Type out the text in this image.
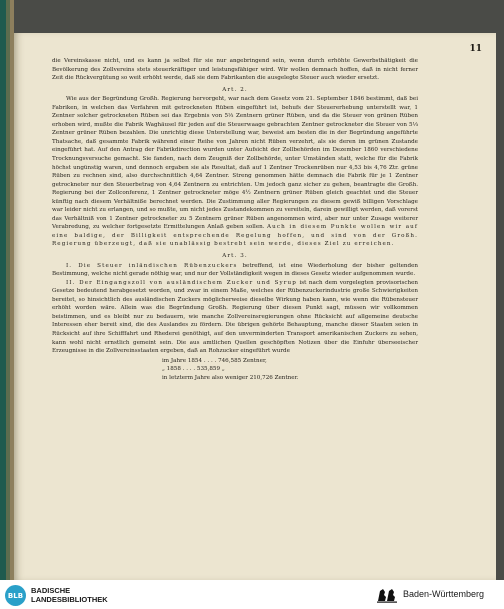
11

die Vereinskasse nicht, und es kann ja selbst für sie nur angebringend sein, wenn durch erhöhte Gewerbsthätigkeit die Bevölkerung des Zollvereins stets steuerkräftiger und leistungsfähiger wird. Wir wollen demnach hoffen, daß in nicht ferner Zeit die Rückvergütung so weit erhöht werde, daß sie dem Fabrikanten die ausgelegte Steuer auch wieder ersetzt.

Art. 2.

Wie aus der Begründung Großh. Regierung hervorgeht, war nach dem Gesetz vom 21. September 1846 bestimmt, daß bei Fabriken, in welchen das Verfahren mit getrockneten Rüben eingeführt ist, behufs der Steuererhebung unterstellt war, 1 Zentner solcher getrockneten Rüben sei das Ergebnis von 5⅓ Zentnern grüner Rüben, und da die Steuer von grünen Rüben erhoben wird, mußte die Fabrik Waghäusel für jeden auf die Steuerwaage gebrachten Zentner getrockneter die Steuer von 5⅓ Zentner grüner Rüben bezahlen. Die unrichtig diese Unterstellung war, beweist am besten die in der Begründung angeführte Thatsache, daß gesammte Fabrik während einer Reihe von Jahren nicht Rüben verzehrt, als sie deren im grünen Zustande eingeführt hat. Auf den Antrag der Fabrikdirection wurden unter Aufsicht der Zollbehörden im Dezember 1860 verschiedene Trocknungsversuche gemacht. Sie fanden, nach dem Zeugniß der Zollbehörde, unter Umständen statt, welche für die Fabrik höchst ungünstig waren, und dennoch ergaben sie als Resultat, daß auf 1 Zentner Trockenrüben nur 4,53 bis 4,76 Ztr. grüne Rüben zu rechnen sind, also durchschnittlich 4,64 Zentner. Streng genommen hätte demnach die Fabrik für je 1 Zentner getrockneter nur den Steuerbetrag von 4,64 Zentnern zu entrichten. Um jedoch ganz sicher zu gehen, beantragte die Großh. Regierung bei der Zollconferenz, 1 Zentner getrockneter möge 4½ Zentnern grüner Rüben gleich geachtet und die Steuer künftig nach diesem Verhältniße berechnet werden. Die Zustimmung aller Regierungen zu diesem gewiß billigen Vorschlage war leider nicht zu erlangen, und so mußte, um nicht jedes Zustandekommen zu vereiteln, darein gewilligt werden, daß vorerst das Verhältniß von 1 Zentner getrockneter zu 5 Zentnern grüner Rüben angenommen wird, aber nur unter Zusage weiterer Verabredung, zu welcher fortgesetzte Ermittelungen Anlaß geben sollen. Auch in diesem Punkte wollen wir auf eine baldige, der Billigkeit entsprechende Regelung hoffen, und sind von der Großh. Regierung überzeugt, daß sie unablässig bestrebt sein werde, dieses Ziel zu erreichen.

Art. 3.

I. Die Steuer inländischen Rübenzuckers betreffend, ist eine Wiederholung der bisher geltenden Bestimmung, welche nicht gerade nöthig war, und nur der Vollständigkeit wegen in dieses Gesetz wieder aufgenommen wurde.

II. Der Eingangszoll von ausländischem Zucker und Syrup ist nach dem vorgelegten provisorischen Gesetze bedeutend herabgesetzt worden, und zwar in einem Maße, welches der Rübenzuckerindustrie große Schwierigkeiten bereitet, so hinsichtlich des ausländischen Zuckers möglicherweise dieselbe Wirkung haben kann, wie wenn die Rübensteuer erhöht worden wäre. Allein was die Begründung Großh. Regierung über diesen Punkt sagt, müssen wir vollkommen beistimmen, und es bleibt nur zu bedauern, wie manche Zollvereinsregierungen ohne Rücksicht auf allgemeine deutsche Interessen eher bereit sind, die des Auslandes zu fördern. Die übrigen gehörte Behauptung, manche dieser Staaten seien in Rücksicht auf ihre Schifffahrt und Rhederei genöthigt, auf den unverminderten Transport amerikanischen Zuckers zu sehen, kann wohl nicht ernstlich gemeint sein. Die aus amtlichen Quellen geschöpften Notizen über die Einfuhr überseeischer Erzeugnisse in die Zollvereinsstaaten ergeben, daß an Rohzucker eingeführt wurde

im Jahre 1854 . . . . 746,585 Zentner,
„ 1858 . . . . 535,859 „
in letzterm Jahre also weniger 210,726 Zentner.
BLB
BADISCHE
LANDESBIBLIOTHEK	Baden-Württemberg
